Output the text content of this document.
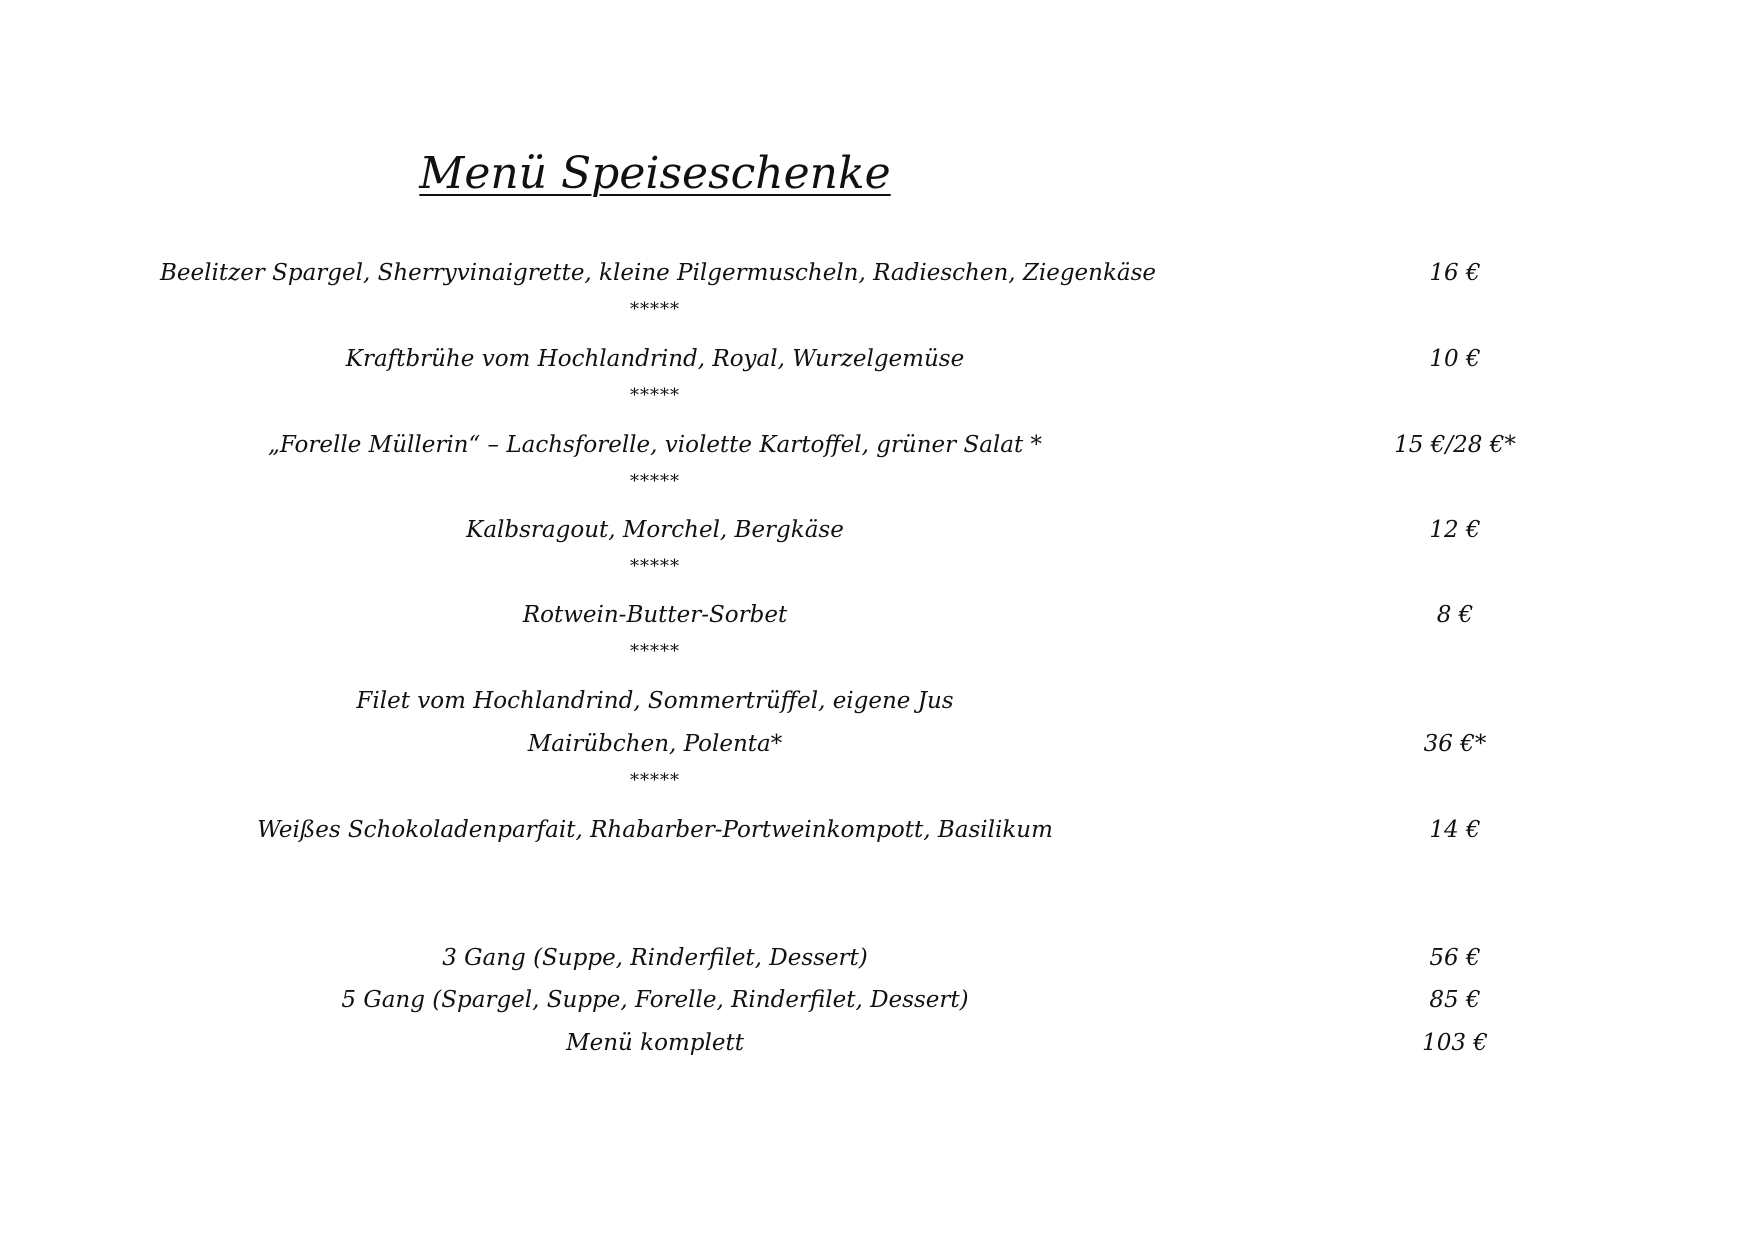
Menü Speiseschenke
Beelitzer Spargel, Sherryvinaigrette, kleine Pilgermuscheln, Radieschen, Ziegenkäse	16 €
*****
Kraftbrühe vom Hochlandrind, Royal, Wurzelgemüse	10 €
*****
„Forelle Müllerin“ – Lachsforelle, violette Kartoffel, grüner Salat *	15 €/28 €*
*****
Kalbsragout, Morchel, Bergkäse	12 €
*****
Rotwein-Butter-Sorbet	8 €
*****
Filet vom Hochlandrind, Sommertrüffel, eigene Jus
Mairübchen, Polenta*	36 €*
*****
Weißes Schokoladenparfait, Rhabarber-Portweinkompott, Basilikum	14 €
3 Gang (Suppe, Rinderfilet, Dessert)	56 €
5 Gang (Spargel, Suppe, Forelle, Rinderfilet, Dessert)	85 €
Menü komplett	103 €
